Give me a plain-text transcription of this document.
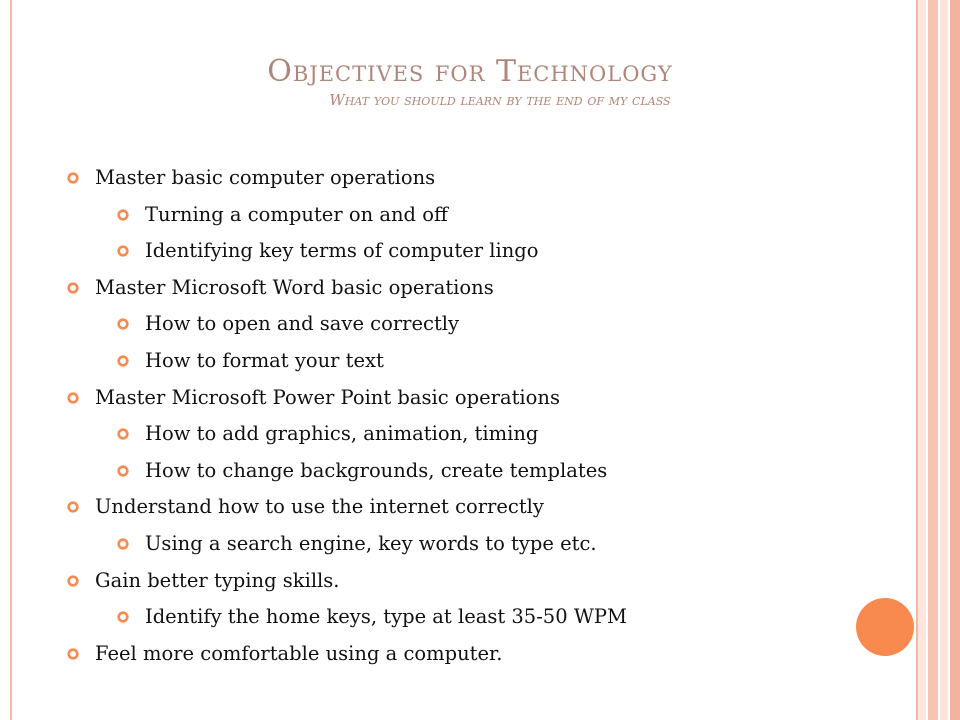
Objectives for Technology
What you should learn by the end of my class
Master basic computer operations
Turning a computer on and off
Identifying key terms of computer lingo
Master Microsoft Word basic operations
How to open and save correctly
How to format your text
Master Microsoft Power Point basic operations
How to add graphics, animation, timing
How to change backgrounds, create templates
Understand how to use the internet correctly
Using a search engine, key words to type etc.
Gain better typing skills.
Identify the home keys, type at least 35-50 WPM
Feel more comfortable using a computer.
